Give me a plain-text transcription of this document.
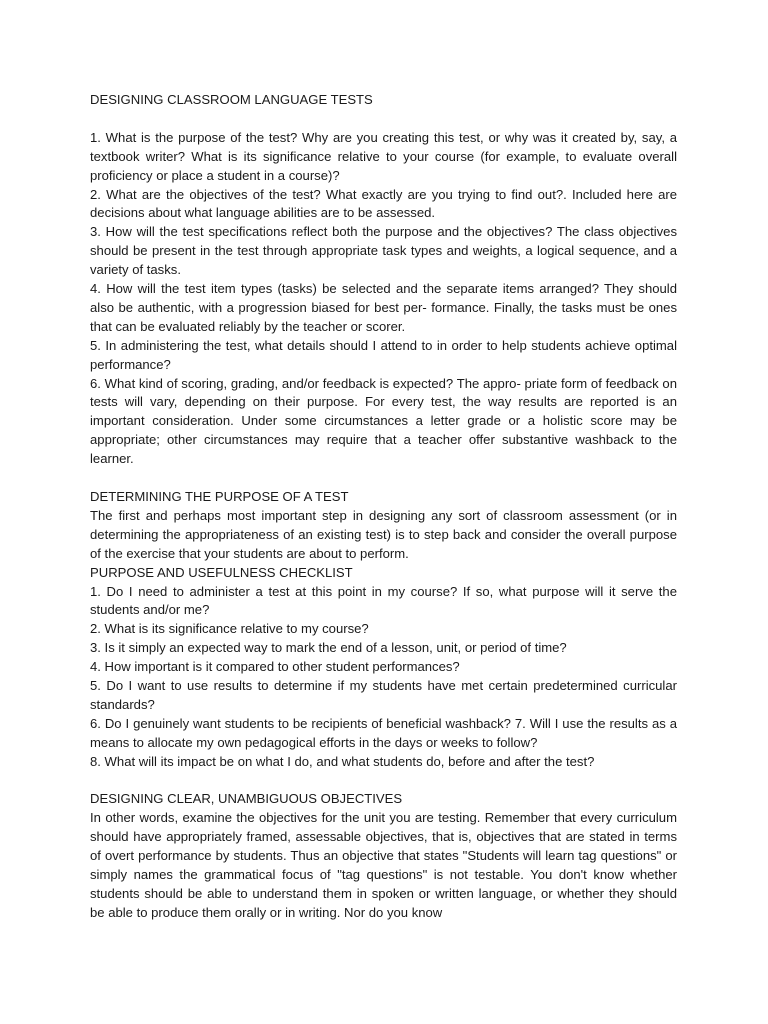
DESIGNING CLASSROOM LANGUAGE TESTS

1. What is the purpose of the test? Why are you creating this test, or why was it created by, say, a textbook writer? What is its significance relative to your course (for example, to evaluate overall proficiency or place a student in a course)?

2. What are the objectives of the test? What exactly are you trying to find out?. Included here are decisions about what language abilities are to be assessed.

3. How will the test specifications reflect both the purpose and the objectives? The class objectives should be present in the test through appropriate task types and weights, a logical sequence, and a variety of tasks.

4. How will the test item types (tasks) be selected and the separate items arranged? They should also be authentic, with a progression biased for best per- formance. Finally, the tasks must be ones that can be evaluated reliably by the teacher or scorer.

5. In administering the test, what details should I attend to in order to help students achieve optimal performance?

6. What kind of scoring, grading, and/or feedback is expected? The appro- priate form of feedback on tests will vary, depending on their purpose. For every test, the way results are reported is an important consideration. Under some circumstances a letter grade or a holistic score may be appropriate; other circumstances may require that a teacher offer substantive washback to the learner.

DETERMINING THE PURPOSE OF A TEST

The first and perhaps most important step in designing any sort of classroom assessment (or in determining the appropriateness of an existing test) is to step back and consider the overall purpose of the exercise that your students are about to perform.

PURPOSE AND USEFULNESS CHECKLIST

1. Do I need to administer a test at this point in my course? If so, what purpose will it serve the students and/or me?

2. What is its significance relative to my course?

3. Is it simply an expected way to mark the end of a lesson, unit, or period of time?

4. How important is it compared to other student performances?

5. Do I want to use results to determine if my students have met certain predetermined curricular standards?

6. Do I genuinely want students to be recipients of beneficial washback? 7. Will I use the results as a means to allocate my own pedagogical efforts in the days or weeks to follow?

8. What will its impact be on what I do, and what students do, before and after the test?

DESIGNING CLEAR, UNAMBIGUOUS OBJECTIVES

In other words, examine the objectives for the unit you are testing. Remember that every curriculum should have appropriately framed, assessable objectives, that is, objectives that are stated in terms of overt performance by students. Thus an objective that states "Students will learn tag questions" or simply names the grammatical focus of "tag questions" is not testable. You don't know whether students should be able to understand them in spoken or written language, or whether they should be able to produce them orally or in writing. Nor do you know
